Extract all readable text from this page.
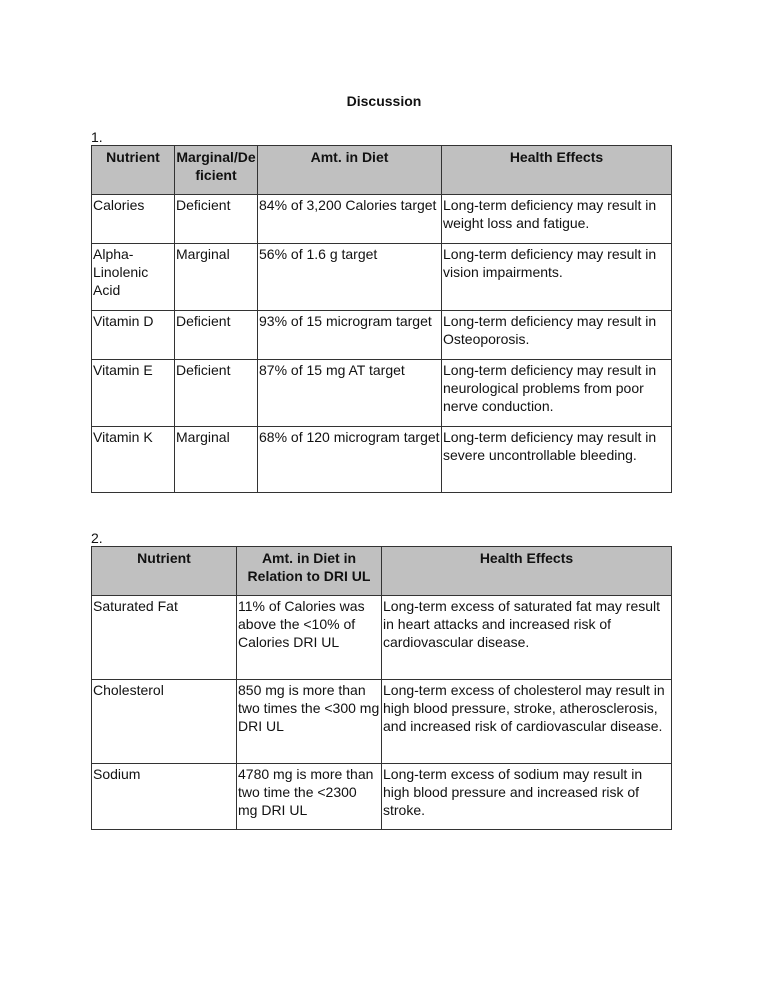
Discussion
1.
Nutrient	Marginal/Deficient	Amt. in Diet	Health Effects
Calories	Deficient	84% of 3,200 Calories target	Long-term deficiency may result in weight loss and fatigue.
Alpha-Linolenic Acid	Marginal	56% of 1.6 g target	Long-term deficiency may result in vision impairments.
Vitamin D	Deficient	93% of 15 microgram target	Long-term deficiency may result in Osteoporosis.
Vitamin E	Deficient	87% of 15 mg AT target	Long-term deficiency may result in neurological problems from poor nerve conduction.
Vitamin K	Marginal	68% of 120 microgram target	Long-term deficiency may result in severe uncontrollable bleeding.
2.
Nutrient	Amt. in Diet in Relation to DRI UL	Health Effects
Saturated Fat	11% of Calories was above the <10% of Calories DRI UL	Long-term excess of saturated fat may result in heart attacks and increased risk of cardiovascular disease.
Cholesterol	850 mg is more than two times the <300 mg DRI UL	Long-term excess of cholesterol may result in high blood pressure, stroke, atherosclerosis, and increased risk of cardiovascular disease.
Sodium	4780 mg is more than two time the <2300 mg DRI UL	Long-term excess of sodium may result in high blood pressure and increased risk of stroke.
